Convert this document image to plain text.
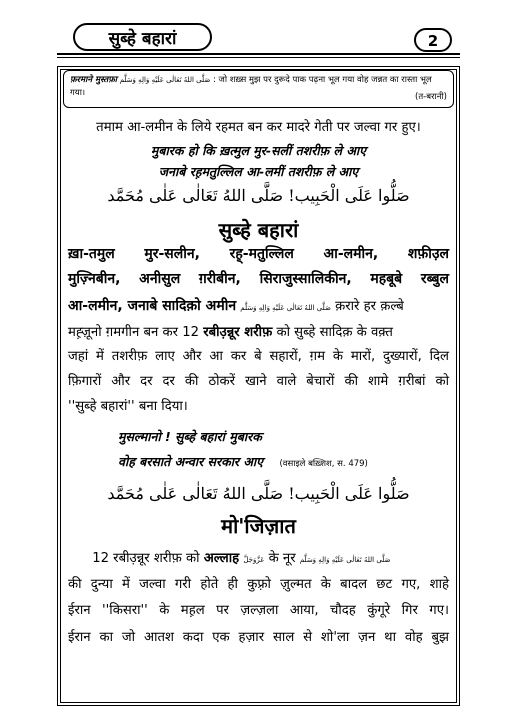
सुब्हे बहारां	2
फ़रमाने मुस्तफ़ा صَلَّى اللهُ تَعَالٰى عَلَيْهِ وَالِهِ وَسَلَّم : जो शख़्स मुझ पर दुरूदे पाक पढ़ना भूल गया वोह जन्नत का रास्ता भूल
गया।	(त-बरानी)
तमाम आ-लमीन के लिये रहमत बन कर मादरे गेती पर जल्वा गर हुए।
मुबारक हो कि ख़त्मुल मुर-सलीं तशरीफ़ ले आए
जनाबे रह़मतुल्लिल आ-लमीं तशरीफ़ ले आए
صَلُّوا عَلَى الْحَبِيب! صَلَّى اللهُ تَعَالٰى عَلٰى مُحَمَّد
सुब्हे बहारां
ख़ा-तमुल मुर-सलीन, रह़्-मतुल्लिल आ-लमीन, शफ़ीउ़ल
मुज़्निबीन, अनीसुल ग़रीबीन, सिराजुस्सालिकीन, महबूबे रब्बुल
आ-लमीन, जनाबे सादिक़ो अमीन صَلَّى اللهُ تَعَالٰى عَلَيْهِ وَالِهِ وَسَلَّم क़रारे हर क़ल्बे
मह़्ज़ूनो ग़मगीन बन कर 12 रबीउ़न्नूर शरीफ़ को सुब्हे सादिक़ के वक़्त
जहां में तशरीफ़ लाए और आ कर बे सहारों, ग़म के मारों, दुख्यारों, दिल
फ़िगारों और दर दर की ठोकरें खाने वाले बेचारों की शामे ग़रीबां को
''सुब्हे बहारां'' बना दिया।
मुसल्मानो ! सुब्हे बहारां मुबारक
वोह बरसाते अन्वार सरकार आए (वसाइले बख़्शिश, स. 479)
صَلُّوا عَلَى الْحَبِيب! صَلَّى اللهُ تَعَالٰى عَلٰى مُحَمَّد
मो'जिज़ात
12 रबीउ़न्नूर शरीफ़ को अल्लाह عَزَّوَجَلَّ के नूर صَلَّى اللهُ تَعَالٰى عَلَيْهِ وَالِهِ وَسَلَّم
की दुन्या में जल्वा गरी होते ही कुफ़्रो ज़ुल्मत के बादल छट गए, शाहे
ईरान ''किसरा'' के मह़ल पर ज़ल्ज़ला आया, चौदह कुंगूरे गिर गए।
ईरान का जो आतश कदा एक हज़ार साल से शो'ला ज़न था वोह बुझ
